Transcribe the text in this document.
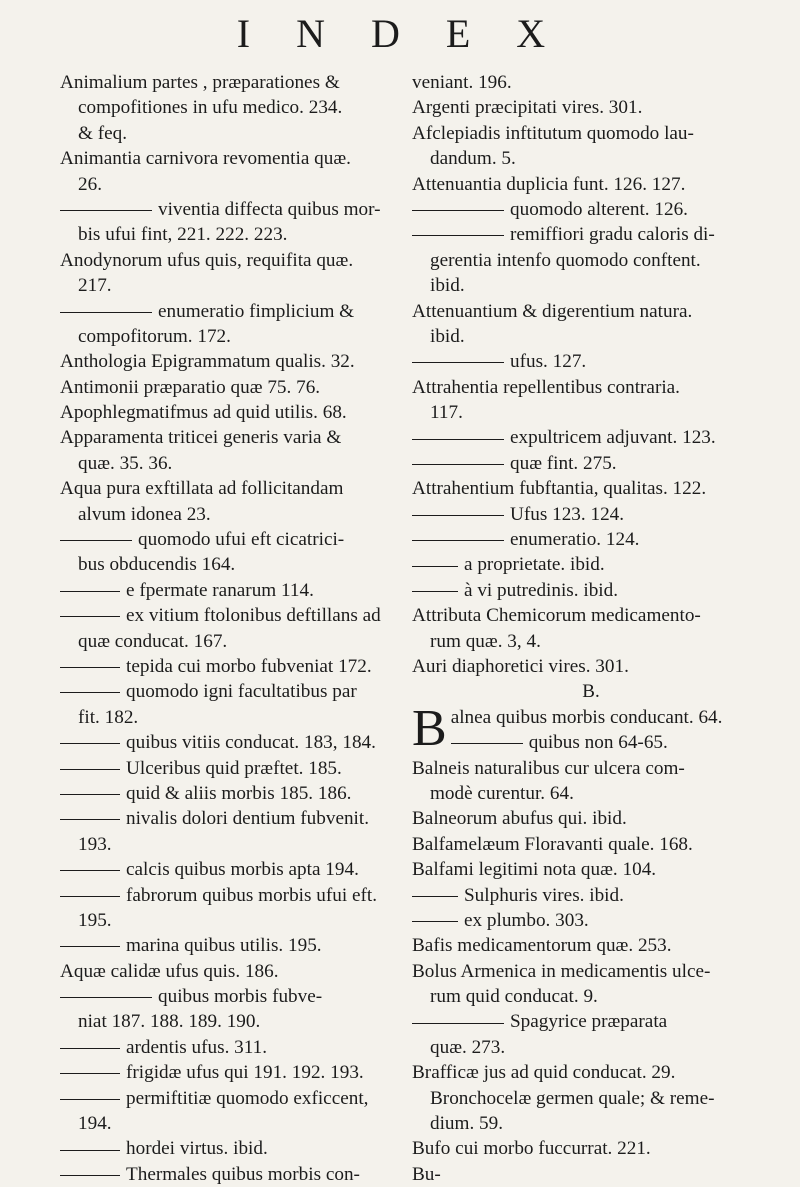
I N D E X
Animalium partes , præparationes &
compofitiones in ufu medico. 234.
& feq.
Animantia carnivora revomentia quæ.
26.
viventia diffecta quibus mor-
bis ufui fint, 221. 222. 223.
Anodynorum ufus quis, requifita quæ.
217.
enumeratio fimplicium &
compofitorum. 172.
Anthologia Epigrammatum qualis. 32.
Antimonii præparatio quæ 75. 76.
Apophlegmatifmus ad quid utilis. 68.
Apparamenta triticei generis varia &
quæ. 35. 36.
Aqua pura exftillata ad follicitandam
alvum idonea 23.
quomodo ufui eft cicatrici-
bus obducendis 164.
e fpermate ranarum 114.
ex vitium ftolonibus deftillans ad
quæ conducat. 167.
tepida cui morbo fubveniat 172.
quomodo igni facultatibus par
fit. 182.
quibus vitiis conducat. 183, 184.
Ulceribus quid præftet. 185.
quid & aliis morbis 185. 186.
nivalis dolori dentium fubvenit.
193.
calcis quibus morbis apta 194.
fabrorum quibus morbis ufui eft.
195.
marina quibus utilis. 195.
Aquæ calidæ ufus quis. 186.
quibus morbis fubve-
niat 187. 188. 189. 190.
ardentis ufus. 311.
frigidæ ufus qui 191. 192. 193.
permiftitiæ quomodo exficcent,
194.
hordei virtus. ibid.
Thermales quibus morbis con-
veniant. 196.
Argenti præcipitati vires. 301.
Afclepiadis inftitutum quomodo lau-
dandum. 5.
Attenuantia duplicia funt. 126. 127.
quomodo alterent. 126.
remiffiori gradu caloris di-
gerentia intenfo quomodo conftent.
ibid.
Attenuantium & digerentium natura.
ibid.
ufus. 127.
Attrahentia repellentibus contraria.
117.
expultricem adjuvant. 123.
quæ fint. 275.
Attrahentium fubftantia, qualitas. 122.
Ufus 123. 124.
enumeratio. 124.
a proprietate. ibid.
à vi putredinis. ibid.
Attributa Chemicorum medicamento-
rum quæ. 3, 4.
Auri diaphoretici vires. 301.
B.
Balnea quibus morbis conducant. 64.
quibus non 64-65.
Balneis naturalibus cur ulcera com-
modè curentur. 64.
Balneorum abufus qui. ibid.
Balfamelæum Floravanti quale. 168.
Balfami legitimi nota quæ. 104.
Sulphuris vires. ibid.
ex plumbo. 303.
Bafis medicamentorum quæ. 253.
Bolus Armenica in medicamentis ulce-
rum quid conducat. 9.
Spagyrice præparata
quæ. 273.
Brafficæ jus ad quid conducat. 29.
Bronchocelæ germen quale; & reme-
dium. 59.
Bufo cui morbo fuccurrat. 221.
Bu-
